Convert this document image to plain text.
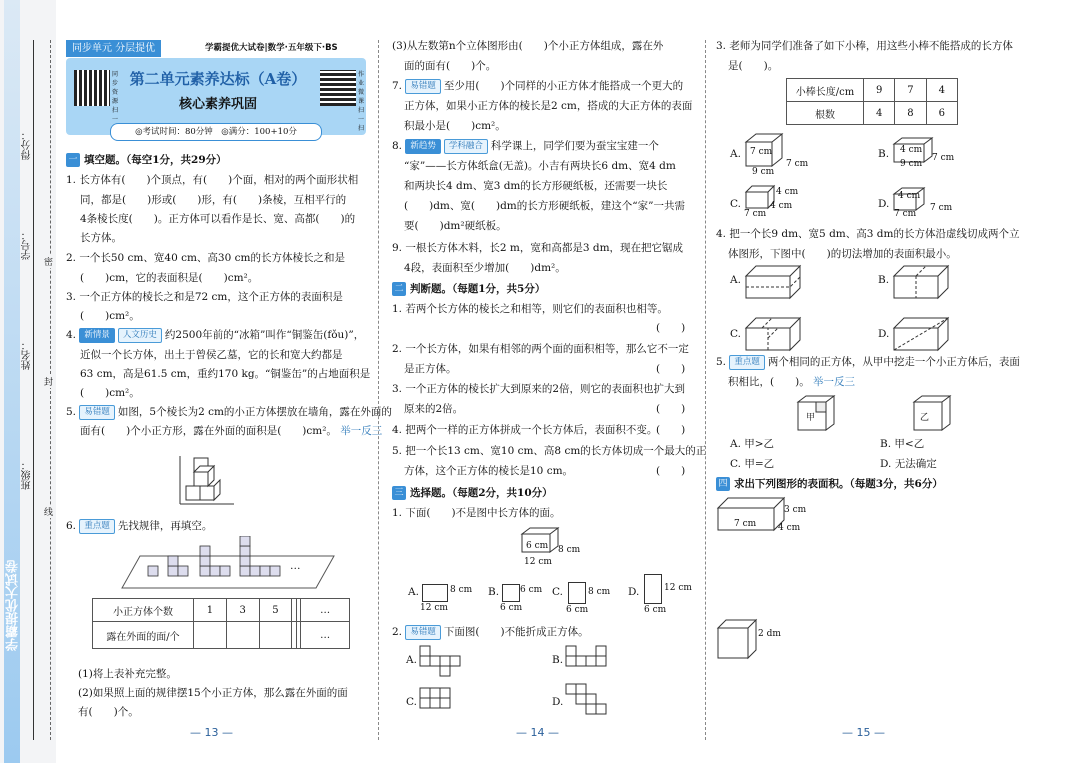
学霸提优大试卷
得分：
学号：
姓名：
班级：
密
封
线
同步单元 分层提优	学霸提优大试卷|数学·五年级下·BS
同步
资源
扫一
作业
微课
扫一扫
第二单元素养达标（A卷）
核心素养巩固
◎考试时间：80分钟　◎满分：100+10分
一 填空题。（每空1分，共29分）
1. 长方体有(　　)个顶点，有(　　)个面，相对的两个面形状相
同，都是(　　)形或(　　)形，有(　　)条棱，互相平行的
4条棱长度(　　)。正方体可以看作是长、宽、高都(　　)的
长方体。
2. 一个长50 cm、宽40 cm、高30 cm的长方体棱长之和是
(　　)cm，它的表面积是(　　)cm²。
3. 一个正方体的棱长之和是72 cm，这个正方体的表面积是
(　　)cm²。
4. 新情景 人文历史 约2500年前的“冰箱”叫作“铜鉴缶(fǒu)”，
近似一个长方体，出土于曾侯乙墓，它的长和宽大约都是
63 cm，高是61.5 cm，重约170 kg。“铜鉴缶”的占地面积是
(　　)cm²。
5. 易错题 如图，5个棱长为2 cm的小正方体摆放在墙角，露在外面的
面有(　　)个小正方形，露在外面的面积是(　　)cm²。 举一反三
6. 重点题 先找规律，再填空。
…
小正方体个数	1	3	5			…
露在外面的面/个						…
(1)将上表补充完整。
(2)如果照上面的规律摆15个小正方体，那么露在外面的面
有(　　)个。
— 13 —
(3)从左数第n个立体图形由(　　)个小正方体组成，露在外
面的面有(　　)个。
7. 易错题 至少用(　　)个同样的小正方体才能搭成一个更大的
正方体，如果小正方体的棱长是2 cm，搭成的大正方体的表面
积最小是(　　)cm²。
8. 新趋势 学科融合 科学课上，同学们要为蚕宝宝建一个
“家”——长方体纸盒(无盖)。小吉有两块长6 dm、宽4 dm
和两块长4 dm、宽3 dm的长方形硬纸板，还需要一块长
(　　)dm、宽(　　)dm的长方形硬纸板，建这个“家”一共需
要(　　)dm²硬纸板。
9. 一根长方体木料，长2 m，宽和高都是3 dm，现在把它锯成
4段，表面积至少增加(　　)dm²。
二 判断题。（每题1分，共5分）
1. 若两个长方体的棱长之和相等，则它们的表面积也相等。
(　　)
2. 一个长方体，如果有相邻的两个面的面积相等，那么它不一定
是正方体。	(　　)
3. 一个正方体的棱长扩大到原来的2倍，则它的表面积也扩大到
原来的2倍。	(　　)
4. 把两个一样的正方体拼成一个长方体后，表面积不变。
(　　)
5. 把一个长13 cm、宽10 cm、高8 cm的长方体切成一个最大的正
方体，这个正方体的棱长是10 cm。	(　　)
三 选择题。（每题2分，共10分）
1. 下面(　　)不是图中长方体的面。
6 cm 8 cm
12 cm
A.	8 cm
12 cm
B. 6 cm
6 cm
C.	8 cm
6 cm
D.	12 cm
6 cm
2. 易错题 下面图(　　)不能折成正方体。
A.	B.
C.	D.
— 14 —
3. 老师为同学们准备了如下小棒，用这些小棒不能搭成的长方体
是(　　)。
小棒长度/cm	9	7	4
根数	4	8	6
A. 7 cm
7 cm
9 cm
B. 4 cm
7 cm
9 cm
C.
4 cm
4 cm
7 cm
D.
4 cm
7 cm
7 cm
4. 把一个长9 dm、宽5 dm、高3 dm的长方体沿虚线切成两个立
体图形，下图中(　　)的切法增加的表面积最小。
A.	B.
C.	D.
5. 重点题 两个相同的正方体，从甲中挖走一个小正方体后，表面
积相比，(　　)。 举一反三
甲	乙
A. 甲>乙	B. 甲<乙
C. 甲=乙	D. 无法确定
四 求出下列图形的表面积。（每题3分，共6分）
7 cm
3 cm
4 cm
2 dm
— 15 —
